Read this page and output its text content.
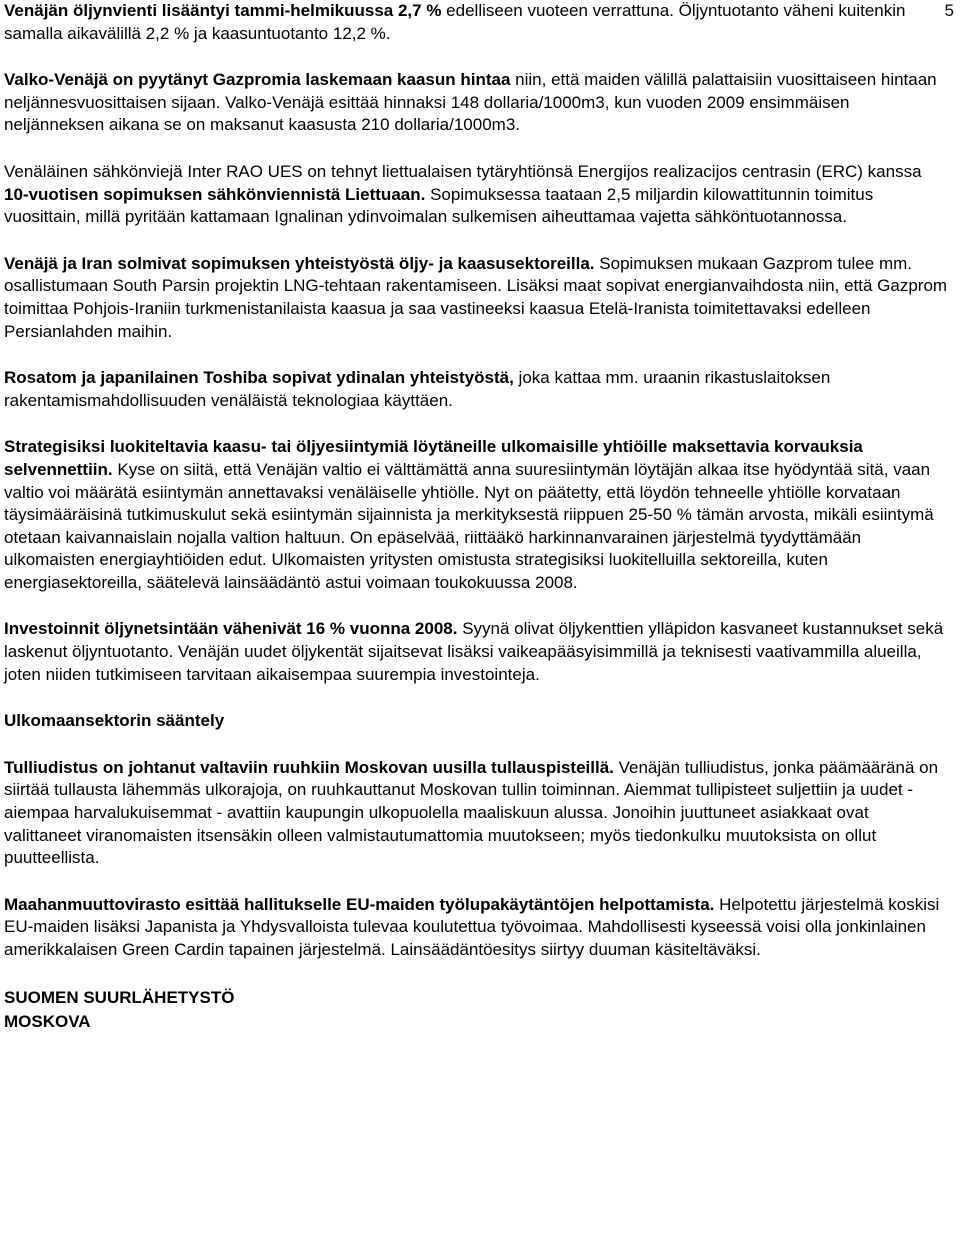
5

Venäjän öljynvienti lisääntyi tammi-helmikuussa 2,7 % edelliseen vuoteen verrattuna. Öljyntuotanto väheni kuitenkin samalla aikavälillä 2,2 % ja kaasuntuotanto 12,2 %.

Valko-Venäjä on pyytänyt Gazpromia laskemaan kaasun hintaa niin, että maiden välillä palattaisiin vuosittaiseen hintaan neljännesvuosittaisen sijaan. Valko-Venäjä esittää hinnaksi 148 dollaria/1000m3, kun vuoden 2009 ensimmäisen neljänneksen aikana se on maksanut kaasusta 210 dollaria/1000m3.

Venäläinen sähkönviejä Inter RAO UES on tehnyt liettualaisen tytäryhtiönsä Energijos realizacijos centrasin (ERC) kanssa 10-vuotisen sopimuksen sähkönviennistä Liettuaan. Sopimuksessa taataan 2,5 miljardin kilowattitunnin toimitus vuosittain, millä pyritään kattamaan Ignalinan ydinvoimalan sulkemisen aiheuttamaa vajetta sähköntuotannossa.

Venäjä ja Iran solmivat sopimuksen yhteistyöstä öljy- ja kaasusektoreilla. Sopimuksen mukaan Gazprom tulee mm. osallistumaan South Parsin projektin LNG-tehtaan rakentamiseen. Lisäksi maat sopivat energianvaihdosta niin, että Gazprom toimittaa Pohjois-Iraniin turkmenistanilaista kaasua ja saa vastineeksi kaasua Etelä-Iranista toimitettavaksi edelleen Persianlahden maihin.

Rosatom ja japanilainen Toshiba sopivat ydinalan yhteistyöstä, joka kattaa mm. uraanin rikastuslaitoksen rakentamismahdollisuuden venäläistä teknologiaa käyttäen.

Strategisiksi luokiteltavia kaasu- tai öljyesiintymiä löytäneille ulkomaisille yhtiöille maksettavia korvauksia selvennettiin. Kyse on siitä, että Venäjän valtio ei välttämättä anna suuresiintymän löytäjän alkaa itse hyödyntää sitä, vaan valtio voi määrätä esiintymän annettavaksi venäläiselle yhtiölle. Nyt on päätetty, että löydön tehneelle yhtiölle korvataan täysimääräisinä tutkimuskulut sekä esiintymän sijainnista ja merkityksestä riippuen 25-50 % tämän arvosta, mikäli esiintymä otetaan kaivannaislain nojalla valtion haltuun. On epäselvää, riittääkö harkinnanvarainen järjestelmä tyydyttämään ulkomaisten energiayhtiöiden edut. Ulkomaisten yritysten omistusta strategisiksi luokitelluilla sektoreilla, kuten energiasektoreilla, säätelevä lainsäädäntö astui voimaan toukokuussa 2008.

Investoinnit öljynetsintään vähenivät 16 % vuonna 2008. Syynä olivat öljykenttien ylläpidon kasvaneet kustannukset sekä laskenut öljyntuotanto. Venäjän uudet öljykentät sijaitsevat lisäksi vaikeapääsyisimmillä ja teknisesti vaativammilla alueilla, joten niiden tutkimiseen tarvitaan aikaisempaa suurempia investointeja.

Ulkomaansektorin sääntely

Tulliudistus on johtanut valtaviin ruuhkiin Moskovan uusilla tullauspisteillä. Venäjän tulliudistus, jonka päämääränä on siirtää tullausta lähemmäs ulkorajoja, on ruuhkauttanut Moskovan tullin toiminnan. Aiemmat tullipisteet suljettiin ja uudet - aiempaa harvalukuisemmat - avattiin kaupungin ulkopuolella maaliskuun alussa. Jonoihin juuttuneet asiakkaat ovat valittaneet viranomaisten itsensäkin olleen valmistautumattomia muutokseen; myös tiedonkulku muutoksista on ollut puutteellista.

Maahanmuuttovirasto esittää hallitukselle EU-maiden työlupakäytäntöjen helpottamista. Helpotettu järjestelmä koskisi EU-maiden lisäksi Japanista ja Yhdysvalloista tulevaa koulutettua työvoimaa. Mahdollisesti kyseessä voisi olla jonkinlainen amerikkalaisen Green Cardin tapainen järjestelmä. Lainsäädäntöesitys siirtyy duuman käsiteltäväksi.

SUOMEN SUURLÄHETYSTÖ
MOSKOVA
